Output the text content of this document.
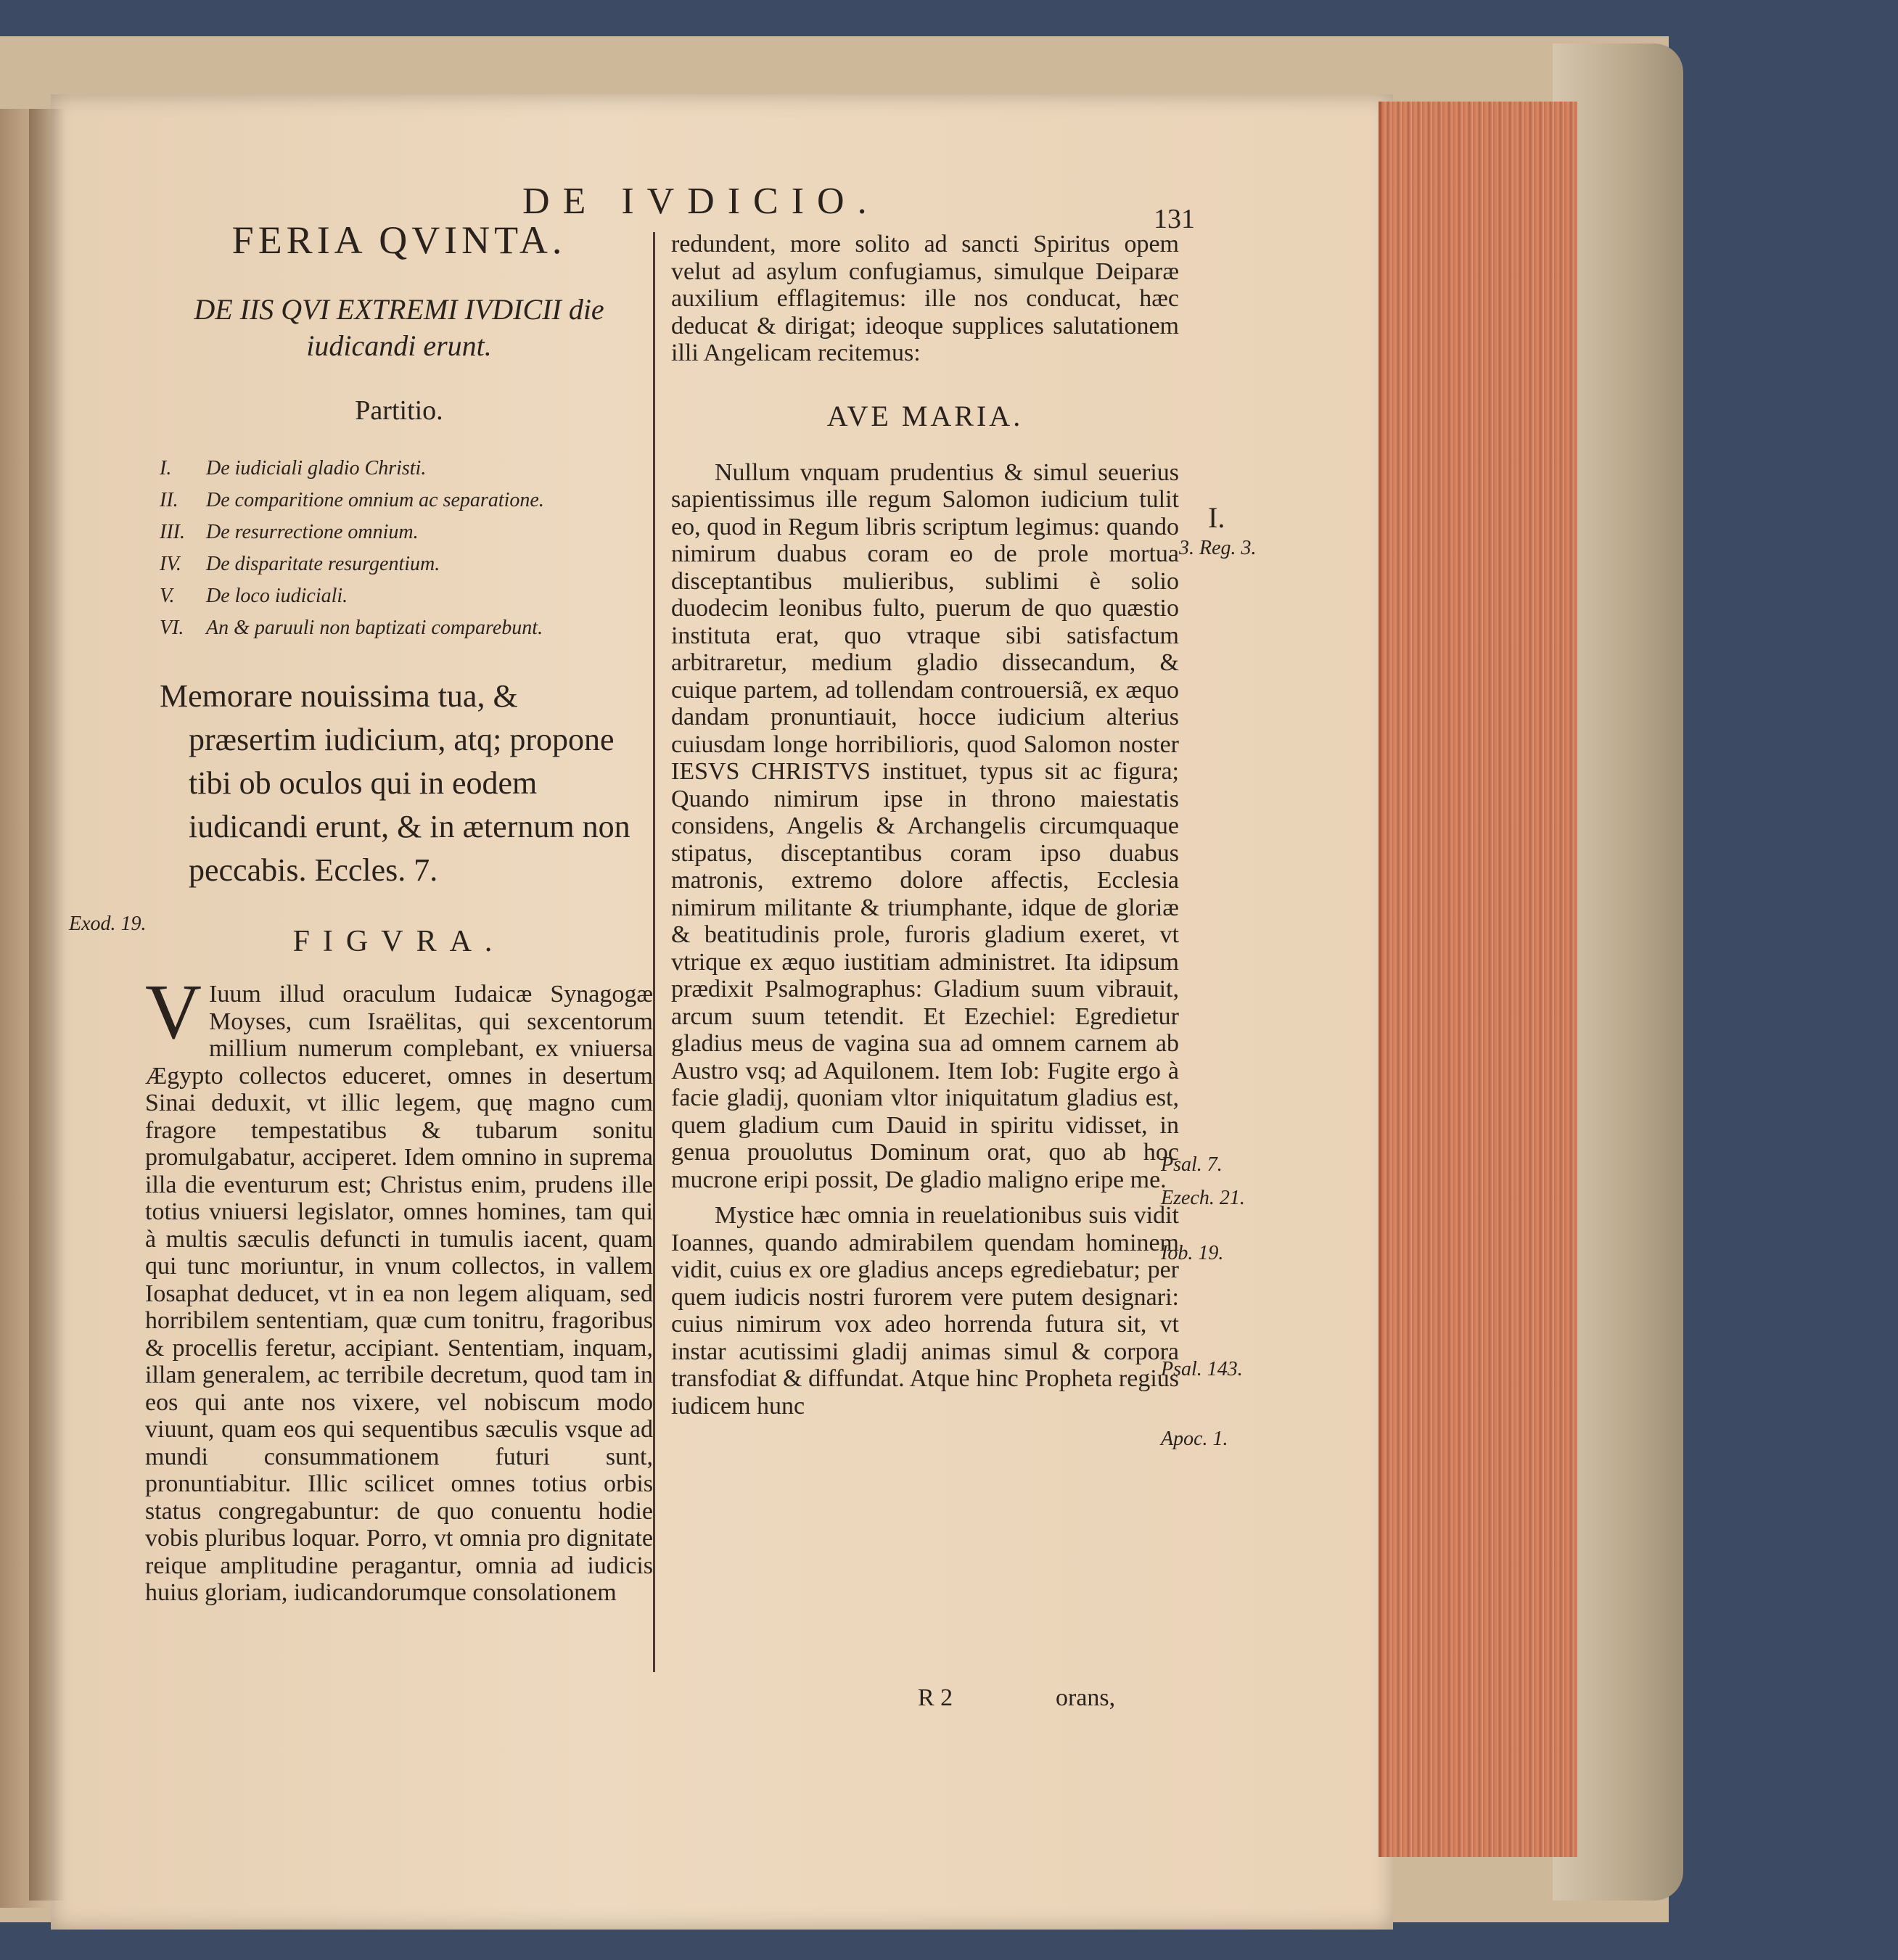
DE IVDICIO.	131
FERIA QVINTA.
DE IIS QVI EXTREMI IVDICII die iudicandi erunt.
Partitio.
I. De iudiciali gladio Christi.
II. De comparitione omnium ac separatione.
III. De resurrectione omnium.
IV. De disparitate resurgentium.
V. De loco iudiciali.
VI. An & paruuli non baptizati comparebunt.
Memorare nouissima tua, & præsertim iudicium, atq; propone tibi ob oculos qui in eodem iudicandi erunt, & in æternum non peccabis. Eccles. 7.
FIGVRA.
V Iuum illud oraculum Iudaicæ Synagogæ Moyses, cum Israëlitas, qui sexcentorum millium numerum complebant, ex vniuersa Ægypto collectos educeret, omnes in desertum Sinai deduxit, vt illic legem, quę magno cum fragore tempestatibus & tubarum sonitu promulgabatur, acciperet. Idem omnino in suprema illa die eventurum est; Christus enim, prudens ille totius vniuersi legislator, omnes homines, tam qui à multis sæculis defuncti in tumulis iacent, quam qui tunc moriuntur, in vnum collectos, in vallem Iosaphat deducet, vt in ea non legem aliquam, sed horribilem sententiam, quæ cum tonitru, fragoribus & procellis feretur, accipiant. Sententiam, inquam, illam generalem, ac terribile decretum, quod tam in eos qui ante nos vixere, vel nobiscum modo viuunt, quam eos qui sequentibus sæculis vsque ad mundi consummationem futuri sunt, pronuntiabitur. Illic scilicet omnes totius orbis status congregabuntur: de quo conuentu hodie vobis pluribus loquar. Porro, vt omnia pro dignitate reique amplitudine peragantur, omnia ad iudicis huius gloriam, iudicandorumque consolationem
Exod. 19.
redundent, more solito ad sancti Spiritus opem velut ad asylum confugiamus, simulque Deiparæ auxilium efflagitemus: ille nos conducat, hæc deducat & dirigat; ideoque supplices salutationem illi Angelicam recitemus:
AVE MARIA.
Nullum vnquam prudentius & simul seuerius sapientissimus ille regum Salomon iudicium tulit eo, quod in Regum libris scriptum legimus: quando nimirum duabus coram eo de prole mortua disceptantibus mulieribus, sublimi è solio duodecim leonibus fulto, puerum de quo quæstio instituta erat, quo vtraque sibi satisfactum arbitraretur, medium gladio dissecandum, & cuique partem, ad tollendam controuersiã, ex æquo dandam pronuntiauit, hocce iudicium alterius cuiusdam longe horribilioris, quod Salomon noster IESVS CHRISTVS instituet, typus sit ac figura; Quando nimirum ipse in throno maiestatis considens, Angelis & Archangelis circumquaque stipatus, disceptantibus coram ipso duabus matronis, extremo dolore affectis, Ecclesia nimirum militante & triumphante, idque de gloriæ & beatitudinis prole, furoris gladium exeret, vt vtrique ex æquo iustitiam administret. Ita idipsum prædixit Psalmographus: Gladium suum vibrauit, arcum suum tetendit. Et Ezechiel: Egredietur gladius meus de vagina sua ad omnem carnem ab Austro vsq; ad Aquilonem. Item Iob: Fugite ergo à facie gladij, quoniam vltor iniquitatum gladius est, quem gladium cum Dauid in spiritu vidisset, in genua prouolutus Dominum orat, quo ab hoc mucrone eripi possit, De gladio maligno eripe me.
Mystice hæc omnia in reuelationibus suis vidit Ioannes, quando admirabilem quendam hominem vidit, cuius ex ore gladius anceps egrediebatur; per quem iudicis nostri furorem vere putem designari: cuius nimirum vox adeo horrenda futura sit, vt instar acutissimi gladij animas simul & corpora transfodiat & diffundat. Atque hinc Propheta regius iudicem hunc
I.
3. Reg. 3.
Psal. 7.
Ezech. 21.
Iob. 19.
Psal. 143.
Apoc. 1.
R 2	orans,
